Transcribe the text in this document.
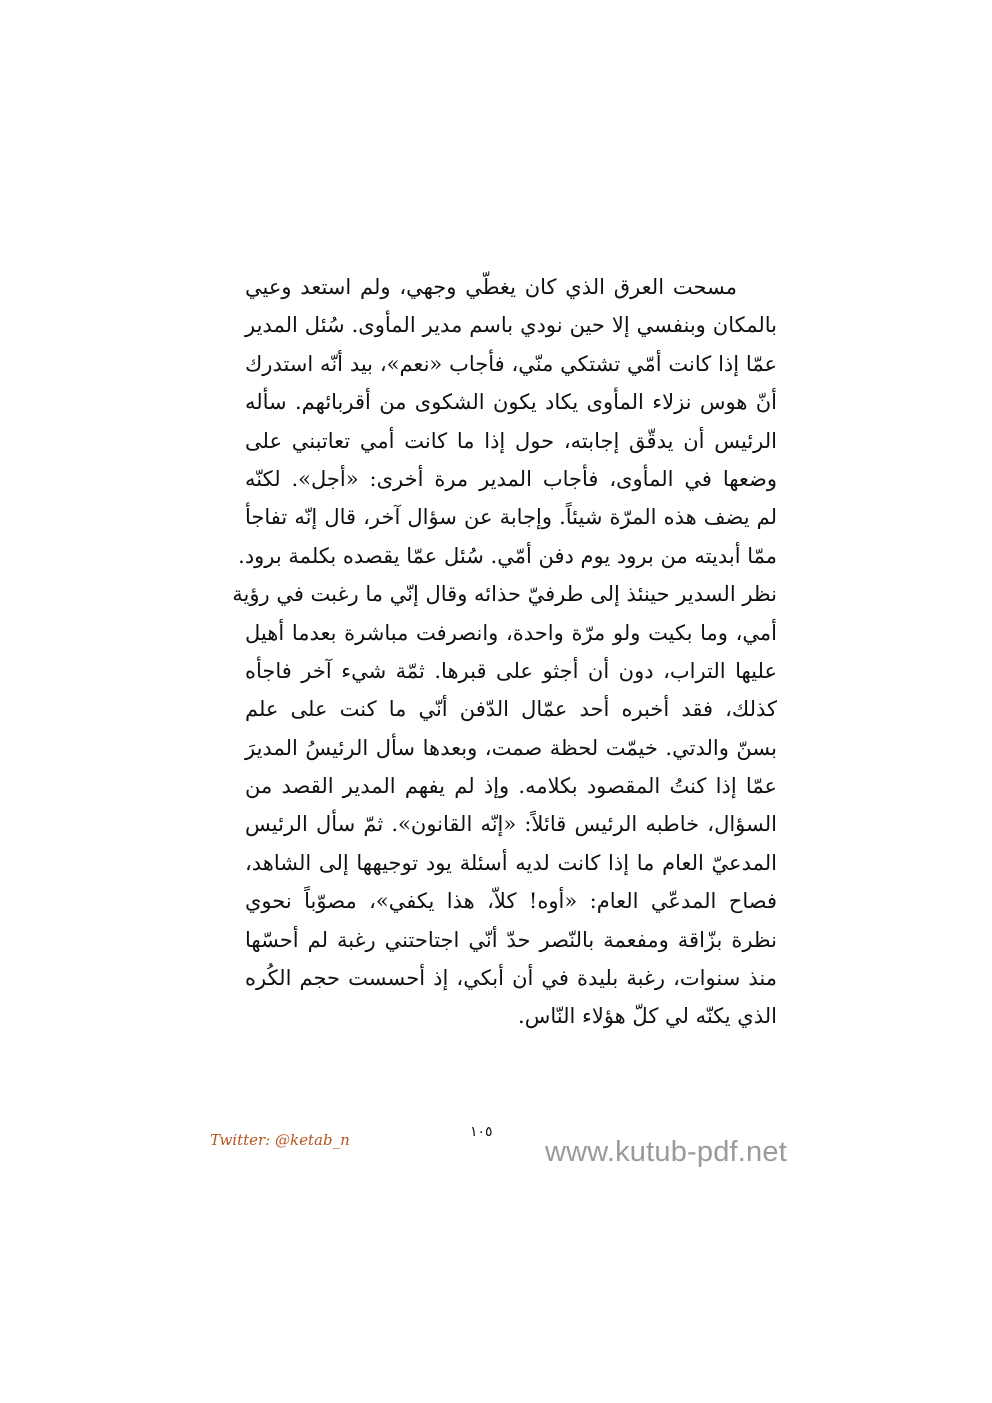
مسحت العرق الذي كان يغطّي وجهي، ولم استعد وعيي
بالمكان وبنفسي إلا حين نودي باسم مدير المأوى. سُئل المدير
عمّا إذا كانت أمّي تشتكي منّي، فأجاب «نعم»، بيد أنّه استدرك
أنّ هوس نزلاء المأوى يكاد يكون الشكوى من أقربائهم. سأله
الرئيس أن يدقّق إجابته، حول إذا ما كانت أمي تعاتبني على
وضعها في المأوى، فأجاب المدير مرة أخرى: «أجل». لكنّه
لم يضف هذه المرّة شيئاً. وإجابة عن سؤال آخر، قال إنّه تفاجأ
ممّا أبديته من برود يوم دفن أمّي. سُئل عمّا يقصده بكلمة برود.
نظر السدير حينئذ إلى طرفيّ حذائه وقال إنّي ما رغبت في رؤية
أمي، وما بكيت ولو مرّة واحدة، وانصرفت مباشرة بعدما أهيل
عليها التراب، دون أن أجثو على قبرها. ثمّة شيء آخر فاجأه
كذلك، فقد أخبره أحد عمّال الدّفن أنّي ما كنت على علم
بسنّ والدتي. خيمّت لحظة صمت، وبعدها سأل الرئيسُ المديرَ
عمّا إذا كنتُ المقصود بكلامه. وإذ لم يفهم المدير القصد من
السؤال، خاطبه الرئيس قائلاً: «إنّه القانون». ثمّ سأل الرئيس
المدعيّ العام ما إذا كانت لديه أسئلة يود توجيهها إلى الشاهد،
فصاح المدعّي العام: «أوه! كلاّ، هذا يكفي»، مصوّباً نحوي
نظرة بزّاقة ومفعمة بالنّصر حدّ أنّي اجتاحتني رغبة لم أحسّها
منذ سنوات، رغبة بليدة في أن أبكي، إذ أحسست حجم الكُره
الذي يكنّه لي كلّ هؤلاء النّاس.
Twitter: @ketab_n	١٠٥
www.kutub-pdf.net
